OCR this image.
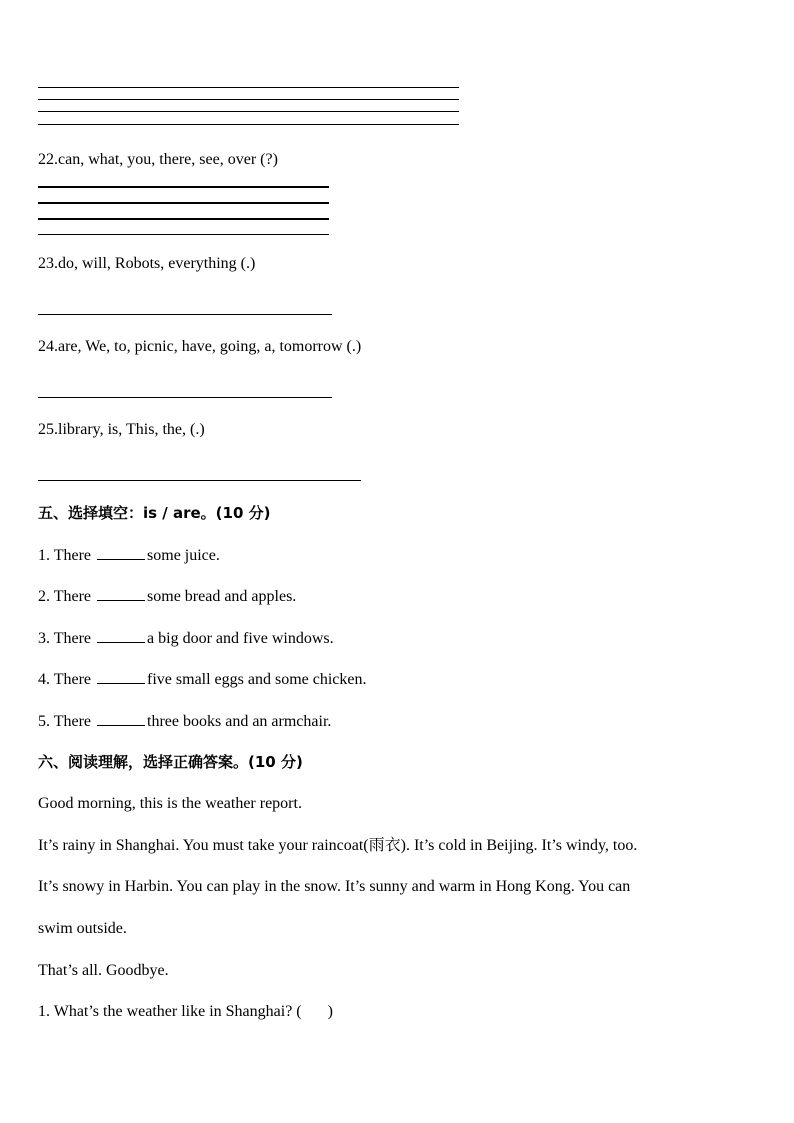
22.can, what, you, there, see, over (?)
23.do, will, Robots, everything (.)
24.are, We, to, picnic, have, going, a, tomorrow (.)
25.library, is, This, the, (.)
五、选择填空：is / are。(10 分)
1. There	some juice.
2. There	some bread and apples.
3. There	a big door and five windows.
4. There	five small eggs and some chicken.
5. There	three books and an armchair.
六、阅读理解，选择正确答案。(10 分)
Good morning, this is the weather report.
It’s rainy in Shanghai. You must take your raincoat(雨衣). It’s cold in Beijing. It’s windy, too.
It’s snowy in Harbin. You can play in the snow. It’s sunny and warm in Hong Kong. You can
swim outside.
That’s all. Goodbye.
1. What’s the weather like in Shanghai? ( )
